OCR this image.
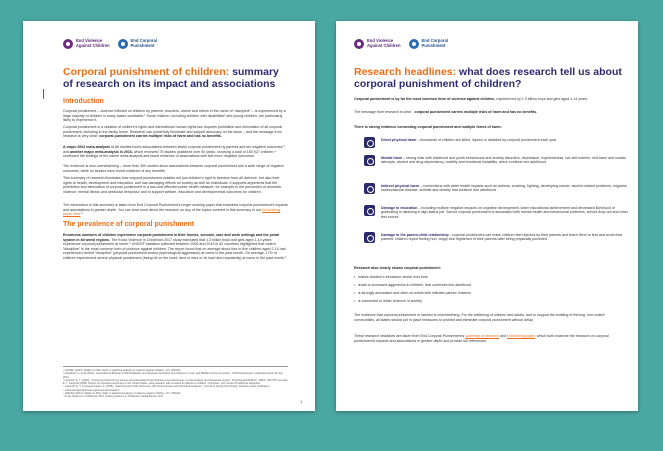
End Violence
Against Children
End Corporal
Punishment
Corporal punishment of children: summary of research on its impact and associations
Introduction

Corporal punishment – violence inflicted on children by parents, teachers, carers and others in the name of “discipline” – is experienced by a large majority of children in many states worldwide.¹ Some children, including children with disabilities² and young children, are particularly likely to experience it.

Corporal punishment is a violation of children’s rights and international human rights law requires prohibition and elimination of all corporal punishment, including in the family home. Research can powerfully illuminate and support advocacy on the issue – and the message from research is very clear: corporal punishment carries multiple risks of harm and has no benefits.

A major 2002 meta-analysis of 88 studies found associations between lawful corporal punishment by parents and ten negative outcomes,³ and another major meta-analysis in 2016, which reviewed 75 studies published over 50 years, involving a total of 160,927 children,⁴ confirmed the findings of the earlier meta-analysis and found evidence of associations with five more negative outcomes.

The evidence is now overwhelming – more than 300 studies show associations between corporal punishment and a wide range of negative outcomes, while no studies have found evidence of any benefits.

This summary of research illustrates how corporal punishment violates not just children’s right to freedom from all violence, but also their rights to health, development and education, and has damaging effects on society as well as individuals. It supports arguments that the prohibition and elimination of corporal punishment is a low-cost effective public health measure, for example in the prevention of domestic violence, mental illness and antisocial behaviour and to support welfare, education and developmental outcomes for children.

The information in this summary is taken from End Corporal Punishment’s longer working paper that examines corporal punishment’s impacts and associations in greater depth. You can read more about the research on any of the topics covered in this summary in our full working paper here.⁵

The prevalence of corporal punishment

Enormous numbers of children experience corporal punishment in their homes, schools, care and work settings and the penal system in all world regions. The Know Violence in Childhood 2017 study estimated that 1.3 billion boys and girls aged 1-14 years experience corporal punishment at home.⁶ UNICEF statistics collected between 2005 and 2013 in 62 countries highlighted that violent “discipline” is the most common form of violence against children. The report found that on average about four in five children aged 2-14 had experienced violent “discipline” (physical punishment and/or psychological aggression) at home in the past month. On average, 17% of children experienced severe physical punishment (being hit on the head, face or ears or hit hard and repeatedly) at home in the past month.⁷

¹ UNICEF (2014), Hidden in Plain Sight: A statistical analysis of violence against children, NY: UNICEF
² Hendricks, C. et al (2014), “Associations Between Child Disabilities and Caregiver Discipline and Violence in Low- and Middle-Income Countries”, Child Development, published online 26 July 2013
³ Gershoff, E. T. (2002), “Corporal punishment by parents and associated child behaviors and experiences: A meta-analytic and theoretical review”, Psychological Bulletin, 128(4), 539-579; see also E. T. Gershoff (2008), Report on physical punishment in the United States: what research tells us about its effects on children, Columbus, OH: Center for Effective Discipline
⁴ Gershoff, E. T. & Grogan-Kaylor, A. (2016), “Spanking and Child Outcomes: Old Controversies and New Meta-Analyses”, Journal of Family Psychology, advance online publication
⁵ endcorporalpunishment.org/resources/research
⁶ UNICEF (2014), Hidden in Plain Sight: A statistical analysis of violence against children, NY: UNICEF
⁷ Know Violence in Childhood, 2017, Ending Violence in Childhood: Global Report 2017
1
End Violence
Against Children
End Corporal
Punishment
Research headlines: what does research tell us about corporal punishment of children?

Corporal punishment is by far the most common form of violence against children, experienced by 1.3 billion boys and girls aged 1-14 years.

The message from research is clear - corporal punishment carries multiple risks of harm and has no benefits.

There is strong evidence connecting corporal punishment and multiple forms of harm:

Direct physical harm – thousands of children are killed, injured or disabled by corporal punishment each year

Mental harm – strong links with childhood and youth behavioural and anxiety disorders, depression, hopelessness, low self-esteem, self-harm and suicide attempts, alcohol and drug dependency, hostility and emotional instability, which continue into adulthood

Indirect physical harm – connections with wider health impacts such as asthma, smoking, fighting, developing cancer, alcohol-related problems, migraine, cardiovascular disease, arthritis and obesity that continue into adulthood

Damage to education – including multiple negative impacts on cognitive development, lower educational achievement and decreased likelihood of graduating or attaining a high-status job. School corporal punishment is associated with mental health and behavioural problems, school drop-out and lower test scores

Damage to the parent-child relationship - corporal punishment can make children feel rejected by their parents and teach them to fear and avoid their parents: children report feeling hurt, angry and frightened of their parents after being physically punished

Research also clearly shows corporal punishment:

• makes children’s behaviour worse over time

• leads to increased aggression in children, that continues into adulthood

• is strongly associated and often co-exists with intimate partner violence

• is connected to wider violence in society

The evidence that corporal punishment is harmful is overwhelming. For the wellbeing of children and adults, and to support the building of thriving, non-violent communities, all states should put in place measures to prohibit and eliminate corporal punishment without delay.

These research headlines are taken from End Corporal Punishment’s summary of research and full working paper, which both examine the research on corporal punishment’s impacts and associations in greater depth and provide full references.
